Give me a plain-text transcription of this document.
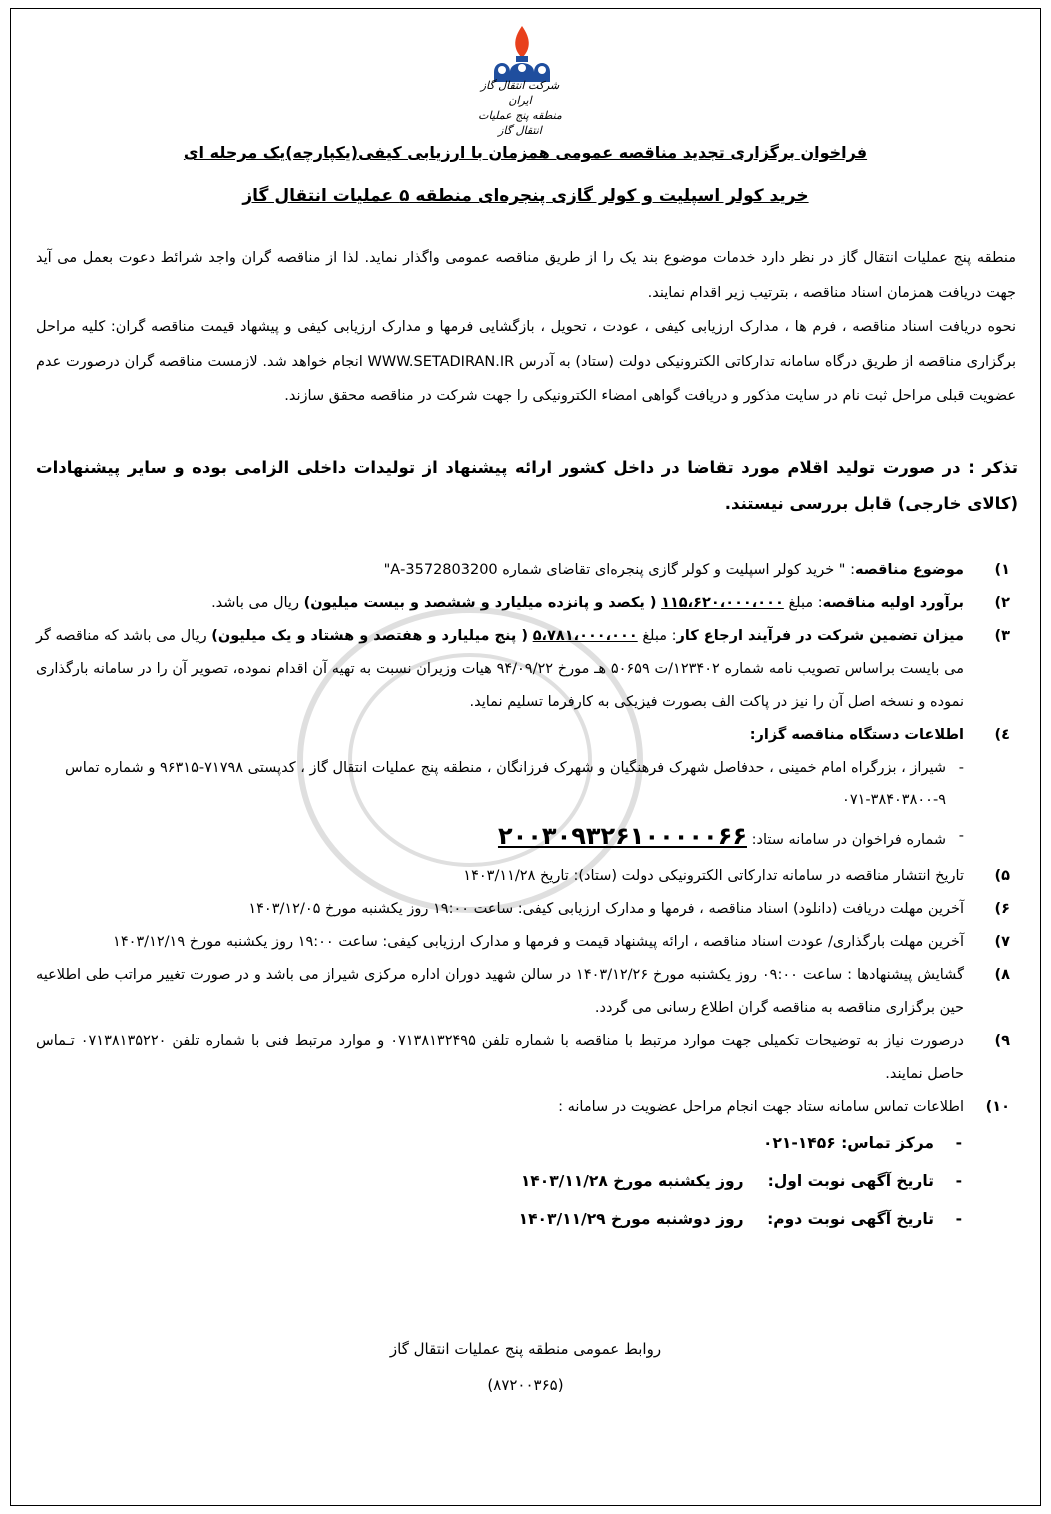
شرکت انتقال گاز ایران
منطقه پنج عملیات انتقال گاز
فراخوان برگزاری تجدید مناقصه عمومی همزمان با ارزیابی کیفی(یکپارچه)یک مرحله ای
خرید کولر اسپلیت و کولر گازی پنجره‌ای منطقه ۵ عملیات انتقال گاز

منطقه پنج عملیات انتقال گاز در نظر دارد خدمات موضوع بند یک را از طریق مناقصه عمومی واگذار نماید. لذا از مناقصه گران واجد شرائط دعوت بعمل می آید جهت دریافت همزمان اسناد مناقصه ، بترتیب زیر اقدام نمایند.

نحوه دریافت اسناد مناقصه ، فرم ها ، مدارک ارزیابی کیفی ، عودت ، تحویل ، بازگشایی فرمها و مدارک ارزیابی کیفی و پیشهاد قیمت مناقصه گران: کلیه مراحل برگزاری مناقصه از طریق درگاه سامانه تدارکاتی الکترونیکی دولت (ستاد) به آدرس WWW.SETADIRAN.IR انجام خواهد شد. لازمست مناقصه گران درصورت عدم عضویت قبلی مراحل ثبت نام در سایت مذکور و دریافت گواهی امضاء الکترونیکی را جهت شرکت در مناقصه محقق سازند.

تذکر : در صورت تولید اقلام مورد تقاضا در داخل کشور ارائه پیشنهاد از تولیدات داخلی الزامی بوده و سایر پیشنهادات (کالای خارجی) قابل بررسی نیستند.
۱)
موضوع مناقصه: " خرید کولر اسپلیت و کولر گازی پنجره‌ای تقاضای شماره 3572803200-A"
۲)
برآورد اولیه مناقصه: مبلغ ۱۱۵،۶۲۰،۰۰۰،۰۰۰ ( یکصد و پانزده میلیارد و ششصد و بیست میلیون) ریال می باشد.
۳)
میزان تضمین شرکت در فرآیند ارجاع کار: مبلغ ۵،۷۸۱،۰۰۰،۰۰۰ ( پنج میلیارد و هفتصد و هشتاد و یک میلیون) ریال می باشد که مناقصه گر می بایست براساس تصویب نامه شماره ۱۲۳۴۰۲/ت ۵۰۶۵۹ هـ مورخ ۹۴/۰۹/۲۲ هیات وزیران نسبت به تهیه آن اقدام نموده، تصویر آن را در سامانه بارگذاری نموده و نسخه اصل آن را نیز در پاکت الف بصورت فیزیکی به کارفرما تسلیم نماید.
٤)
اطلاعات دستگاه مناقصه گزار:
-
شیراز ، بزرگراه امام خمینی ، حدفاصل شهرک فرهنگیان و شهرک فرزانگان ، منطقه پنج عملیات انتقال گاز ، کدپستی ۷۱۷۹۸-۹۶۳۱۵ و شماره تماس ۹-۳۸۴۰۳۸۰۰-۰۷۱
-
شماره فراخوان در سامانه ستاد: ۲۰۰۳۰۹۳۲۶۱۰۰۰۰۰۶۶
۵)
تاریخ انتشار مناقصه در سامانه تدارکاتی الکترونیکی دولت (ستاد): تاریخ ۱۴۰۳/۱۱/۲۸
۶)
آخرین مهلت دریافت (دانلود) اسناد مناقصه ، فرمها و مدارک ارزیابی کیفی: ساعت ۱۹:۰۰ روز یکشنبه مورخ ۱۴۰۳/۱۲/۰۵
۷)
آخرین مهلت بارگذاری/ عودت اسناد مناقصه ، ارائه پیشنهاد قیمت و فرمها و مدارک ارزیابی کیفی: ساعت ۱۹:۰۰ روز یکشنبه مورخ ۱۴۰۳/۱۲/۱۹
۸)
گشایش پیشنهادها : ساعت ۰۹:۰۰ روز یکشنبه مورخ ۱۴۰۳/۱۲/۲۶ در سالن شهید دوران اداره مرکزی شیراز می باشد و در صورت تغییر مراتب طی اطلاعیه حین برگزاری مناقصه به مناقصه گران اطلاع رسانی می گردد.
۹)
درصورت نیاز به توضیحات تکمیلی جهت موارد مرتبط با مناقصه با شماره تلفن ۰۷۱۳۸۱۳۲۴۹۵ و موارد مرتبط فنی با شماره تلفن ۰۷۱۳۸۱۳۵۲۲۰ تـماس حاصل نمایند.
۱۰)
اطلاعات تماس سامانه ستاد جهت انجام مراحل عضویت در سامانه :
-
مرکز تماس: ۱۴۵۶-۰۲۱
-
تاریخ آگهی نوبت اول: روز یکشنبه مورخ ۱۴۰۳/۱۱/۲۸
-
تاریخ آگهی نوبت دوم: روز دوشنبه مورخ ۱۴۰۳/۱۱/۲۹
روابط عمومی منطقه پنج عملیات انتقال گاز
(۸۷۲۰۰۳۶۵)
